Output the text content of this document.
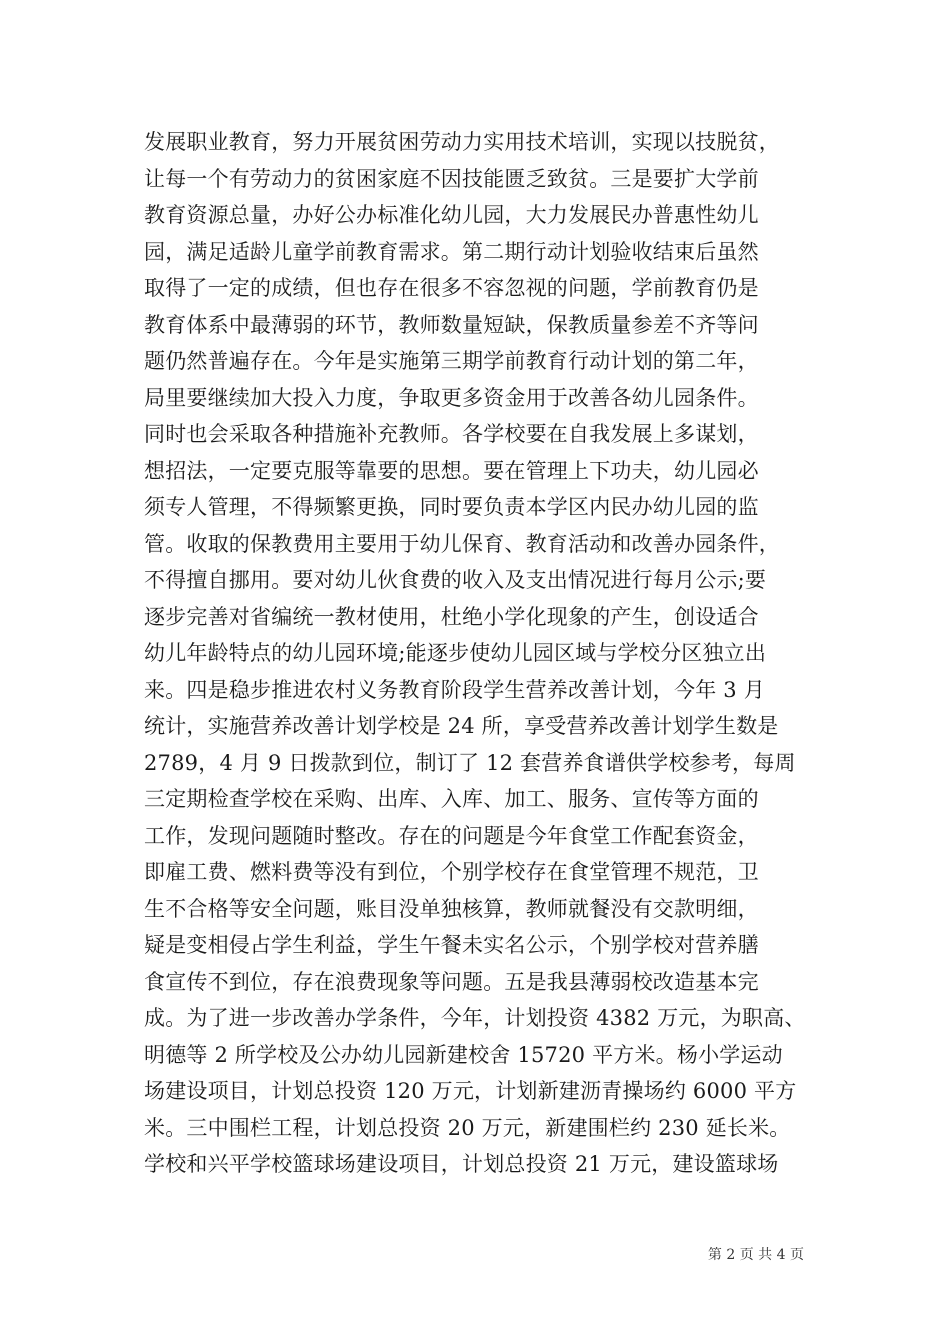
发展职业教育，努力开展贫困劳动力实用技术培训，实现以技脱贫，
让每一个有劳动力的贫困家庭不因技能匮乏致贫。三是要扩大学前
教育资源总量，办好公办标准化幼儿园，大力发展民办普惠性幼儿
园，满足适龄儿童学前教育需求。第二期行动计划验收结束后虽然
取得了一定的成绩，但也存在很多不容忽视的问题，学前教育仍是
教育体系中最薄弱的环节，教师数量短缺，保教质量参差不齐等问
题仍然普遍存在。今年是实施第三期学前教育行动计划的第二年，
局里要继续加大投入力度，争取更多资金用于改善各幼儿园条件。
同时也会采取各种措施补充教师。各学校要在自我发展上多谋划，
想招法，一定要克服等靠要的思想。要在管理上下功夫，幼儿园必
须专人管理，不得频繁更换，同时要负责本学区内民办幼儿园的监
管。收取的保教费用主要用于幼儿保育、教育活动和改善办园条件，
不得擅自挪用。要对幼儿伙食费的收入及支出情况进行每月公示;要
逐步完善对省编统一教材使用，杜绝小学化现象的产生，创设适合
幼儿年龄特点的幼儿园环境;能逐步使幼儿园区域与学校分区独立出
来。四是稳步推进农村义务教育阶段学生营养改善计划，今年 3 月
统计，实施营养改善计划学校是 24 所，享受营养改善计划学生数是
2789，4 月 9 日拨款到位，制订了 12 套营养食谱供学校参考，每周
三定期检查学校在采购、出库、入库、加工、服务、宣传等方面的
工作，发现问题随时整改。存在的问题是今年食堂工作配套资金，
即雇工费、燃料费等没有到位，个别学校存在食堂管理不规范，卫
生不合格等安全问题，账目没单独核算，教师就餐没有交款明细，
疑是变相侵占学生利益，学生午餐未实名公示，个别学校对营养膳
食宣传不到位，存在浪费现象等问题。五是我县薄弱校改造基本完
成。为了进一步改善办学条件，今年，计划投资 4382 万元，为职高、
明德等 2 所学校及公办幼儿园新建校舍 15720 平方米。杨小学运动
场建设项目，计划总投资 120 万元，计划新建沥青操场约 6000 平方
米。三中围栏工程，计划总投资 20 万元，新建围栏约 230 延长米。
学校和兴平学校篮球场建设项目，计划总投资 21 万元，建设篮球场
第 2 页 共 4 页
